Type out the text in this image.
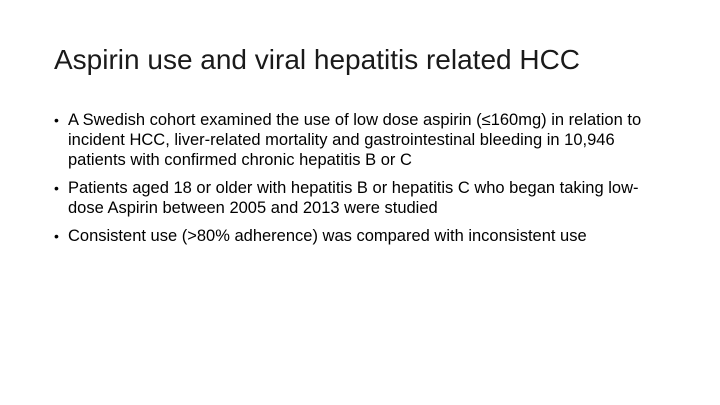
Aspirin use and viral hepatitis related HCC
• A Swedish cohort examined the use of low dose aspirin (≤160mg) in relation to incident HCC, liver-related mortality and gastrointestinal bleeding in 10,946 patients with confirmed chronic hepatitis B or C
• Patients aged 18 or older with hepatitis B or hepatitis C who began taking low-dose Aspirin between 2005 and 2013 were studied
• Consistent use (>80% adherence) was compared with inconsistent use
